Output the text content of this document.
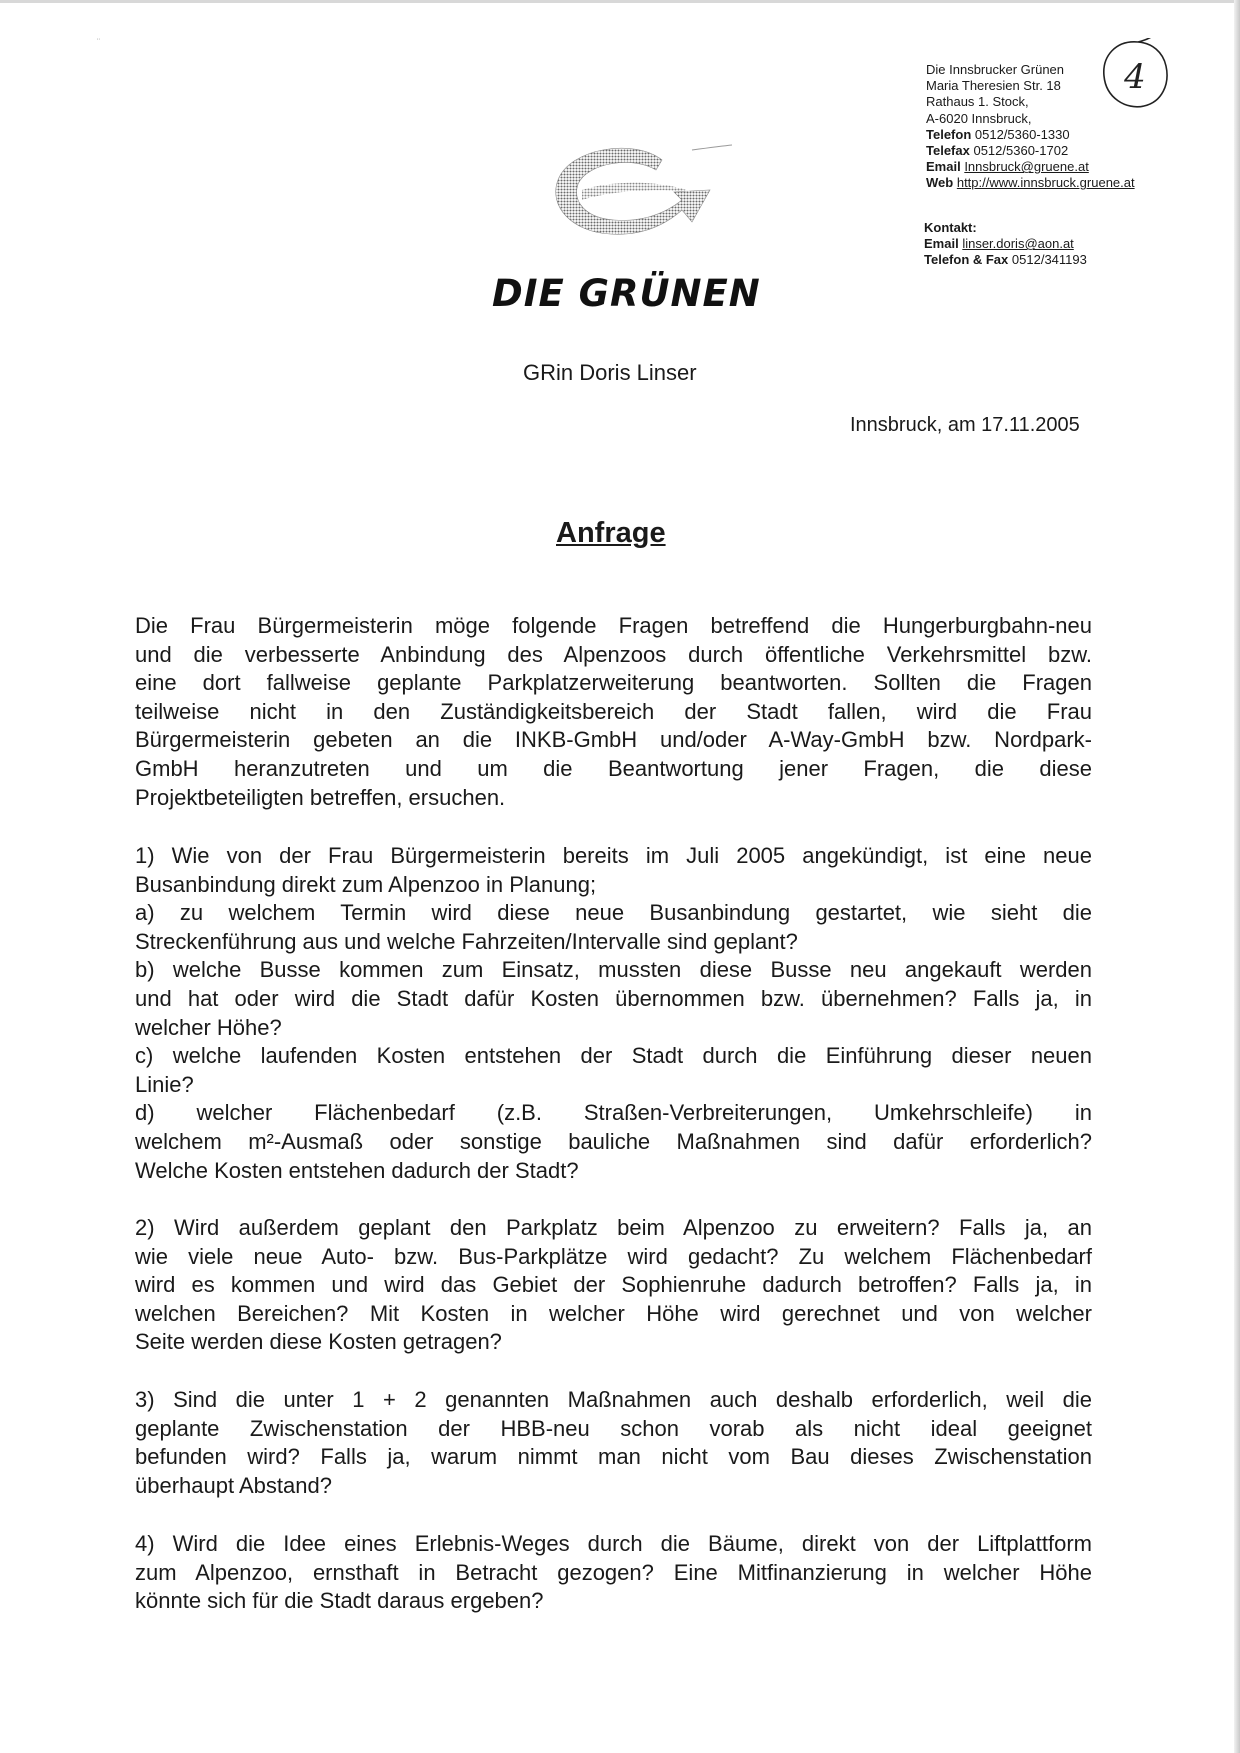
¨
Die Innsbrucker Grünen
Maria Theresien Str. 18
Rathaus 1. Stock,
A-6020 Innsbruck,
Telefon 0512/5360-1330
Telefax 0512/5360-1702
Email Innsbruck@gruene.at
Web http://www.innsbruck.gruene.at
Kontakt:
Email linser.doris@aon.at
Telefon & Fax 0512/341193
4
DIE GRÜNEN
GRin Doris Linser
Innsbruck, am 17.11.2005
Anfrage
Die Frau Bürgermeisterin möge folgende Fragen betreffend die Hungerburgbahn-neu
und die verbesserte Anbindung des Alpenzoos durch öffentliche Verkehrsmittel bzw.
eine dort fallweise geplante Parkplatzerweiterung beantworten. Sollten die Fragen
teilweise nicht in den Zuständigkeitsbereich der Stadt fallen, wird die Frau
Bürgermeisterin gebeten an die INKB-GmbH und/oder A-Way-GmbH bzw. Nordpark-
GmbH heranzutreten und um die Beantwortung jener Fragen, die diese
Projektbeteiligten betreffen, ersuchen.
1) Wie von der Frau Bürgermeisterin bereits im Juli 2005 angekündigt, ist eine neue
Busanbindung direkt zum Alpenzoo in Planung;
a) zu welchem Termin wird diese neue Busanbindung gestartet, wie sieht die
Streckenführung aus und welche Fahrzeiten/Intervalle sind geplant?
b) welche Busse kommen zum Einsatz, mussten diese Busse neu angekauft werden
und hat oder wird die Stadt dafür Kosten übernommen bzw. übernehmen? Falls ja, in
welcher Höhe?
c) welche laufenden Kosten entstehen der Stadt durch die Einführung dieser neuen
Linie?
d) welcher Flächenbedarf (z.B. Straßen-Verbreiterungen, Umkehrschleife) in
welchem m²-Ausmaß oder sonstige bauliche Maßnahmen sind dafür erforderlich?
Welche Kosten entstehen dadurch der Stadt?
2) Wird außerdem geplant den Parkplatz beim Alpenzoo zu erweitern? Falls ja, an
wie viele neue Auto- bzw. Bus-Parkplätze wird gedacht? Zu welchem Flächenbedarf
wird es kommen und wird das Gebiet der Sophienruhe dadurch betroffen? Falls ja, in
welchen Bereichen? Mit Kosten in welcher Höhe wird gerechnet und von welcher
Seite werden diese Kosten getragen?
3) Sind die unter 1 + 2 genannten Maßnahmen auch deshalb erforderlich, weil die
geplante Zwischenstation der HBB-neu schon vorab als nicht ideal geeignet
befunden wird? Falls ja, warum nimmt man nicht vom Bau dieses Zwischenstation
überhaupt Abstand?
4) Wird die Idee eines Erlebnis-Weges durch die Bäume, direkt von der Liftplattform
zum Alpenzoo, ernsthaft in Betracht gezogen? Eine Mitfinanzierung in welcher Höhe
könnte sich für die Stadt daraus ergeben?
